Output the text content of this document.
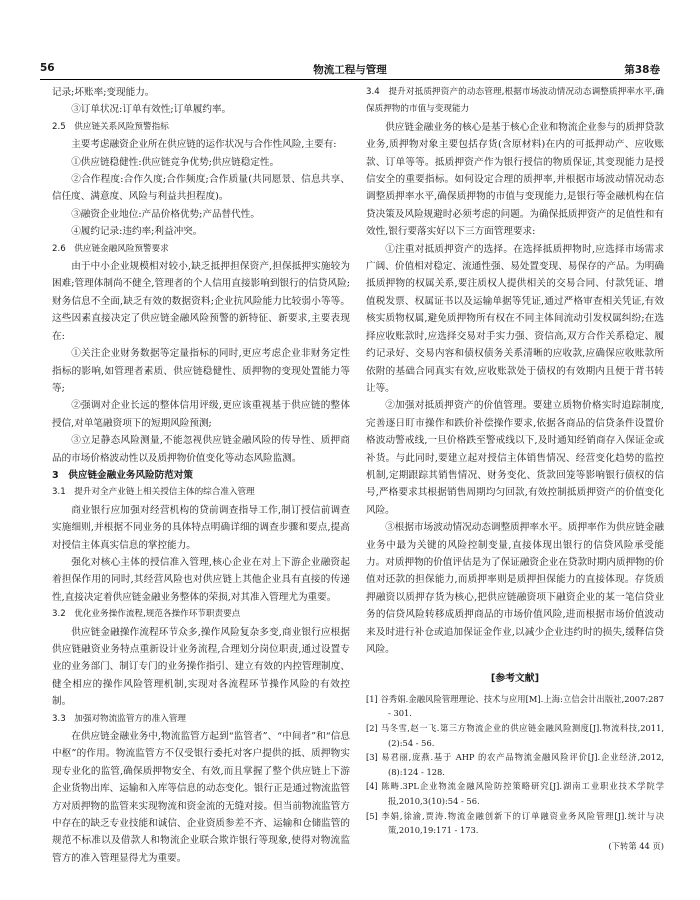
56	物流工程与管理	第38卷

记录;坏账率;变现能力。

③订单状况:订单有效性;订单履约率。

2.5　供应链关系风险预警指标

主要考虑融资企业所在供应链的运作状况与合作性风险,主要有:

①供应链稳健性:供应链竞争优势;供应链稳定性。

②合作程度:合作久度;合作频度;合作质量(共同愿景、信息共享、信任度、满意度、风险与利益共担程度)。

③融资企业地位:产品价格优势;产品替代性。

④履约记录:违约率;利益冲突。

2.6　供应链金融风险预警要求

由于中小企业规模相对较小,缺乏抵押担保资产,担保抵押实施较为困难;管理体制尚不健全,管理者的个人信用直接影响到银行的信贷风险;财务信息不全面,缺乏有效的数据资料;企业抗风险能力比较弱小等等。这些因素直接决定了供应链金融风险预警的新特征、新要求,主要表现在:

①关注企业财务数据等定量指标的同时,更应考虑企业非财务定性指标的影响,如管理者素质、供应链稳健性、质押物的变现处置能力等等;

②强调对企业长远的整体信用评级,更应该重视基于供应链的整体授信,对单笔融资项下的短期风险预测;

③立足静态风险测量,不能忽视供应链金融风险的传导性、质押商品的市场价格波动性以及质押物价值变化等动态风险监测。

3　供应链金融业务风险防范对策

3.1　提升对全产业链上相关授信主体的综合准入管理

商业银行应加强对经营机构的贷前调查指导工作,制订授信前调查实施细则,并根据不同业务的具体特点明确详细的调查步骤和要点,提高对授信主体真实信息的掌控能力。

强化对核心主体的授信准入管理,核心企业在对上下游企业融资起着担保作用的同时,其经营风险也对供应链上其他企业具有直接的传递性,直接决定着供应链金融业务整体的荣损,对其准入管理尤为重要。

3.2　优化业务操作流程,规范各操作环节职责要点

供应链金融操作流程环节众多,操作风险复杂多变,商业银行应根据供应链融资业务特点重新设计业务流程,合理划分岗位职责,通过设置专业的业务部门、制订专门的业务操作指引、建立有效的内控管理制度、健全相应的操作风险管理机制,实现对各流程环节操作风险的有效控制。

3.3　加强对物流监管方的准入管理

在供应链金融业务中,物流监管方起到“监管者”、“中间者”和“信息中枢”的作用。物流监管方不仅受银行委托对客户提供的抵、质押物实现专业化的监管,确保质押物安全、有效,而且掌握了整个供应链上下游企业货物出库、运输和入库等信息的动态变化。银行正是通过物流监管方对质押物的监管来实现物流和资金流的无缝对接。但当前物流监管方中存在的缺乏专业技能和诚信、企业资质参差不齐、运输和仓储监管的规范不标准以及借款人和物流企业联合欺诈银行等现象,使得对物流监管方的准入管理显得尤为重要。

3.4　提升对抵质押资产的动态管理,根据市场波动情况动态调整质押率水平,确保质押物的市值与变现能力

供应链金融业务的核心是基于核心企业和物流企业参与的质押贷款业务,质押物对象主要包括存货(含原材料)在内的可抵押动产、应收账款、订单等等。抵质押资产作为银行授信的物质保证,其变现能力是授信安全的重要指标。如何设定合理的质押率,并根据市场波动情况动态调整质押率水平,确保质押物的市值与变现能力,是银行等金融机构在信贷决策及风险规避时必须考虑的问题。为确保抵质押资产的足值性和有效性,银行要落实好以下三方面管理要求:

①注重对抵质押资产的选择。在选择抵质押物时,应选择市场需求广阔、价值相对稳定、流通性强、易处置变现、易保存的产品。为明确抵质押物的权属关系,要注质权人提供相关的交易合同、付款凭证、增值税发票、权属证书以及运输单据等凭证,通过严格审查相关凭证,有效核实质物权属,避免质押物所有权在不同主体间流动引发权属纠纷;在选择应收账款时,应选择交易对手实力强、资信高,双方合作关系稳定、履约记录好、交易内容和债权债务关系清晰的应收款,应确保应收账款所依附的基础合同真实有效,应收账款处于债权的有效期内且便于背书转让等。

②加强对抵质押资产的价值管理。要建立质物价格实时追踪制度,完善逐日盯市操作和跌价补偿操作要求,依据各商品的信贷条件设置价格波动警戒线,一旦价格跌至警戒线以下,及时通知经销商存入保证金或补货。与此同时,要建立起对授信主体销售情况、经营变化趋势的监控机制,定期跟踪其销售情况、财务变化、货款回笼等影响银行债权的信号,严格要求其根据销售周期均匀回款,有效控制抵质押资产的价值变化风险。

③根据市场波动情况动态调整质押率水平。质押率作为供应链金融业务中最为关键的风险控制变量,直接体现出银行的信贷风险承受能力。对质押物的价值评估是为了保证融资企业在贷款时期内质押物的价值对还款的担保能力,而质押率则是质押担保能力的直接体现。存货质押融资以质押存货为核心,把供应链融资项下融资企业的某一笔信贷业务的信贷风险转移成质押商品的市场价值风险,进而根据市场价值波动来及时进行补仓或追加保证金作业,以减少企业违约时的损失,缓释信贷风险。

[参考文献]

[1] 谷秀娟.金融风险管理理论、技术与应用[M].上海:立信会计出版社,2007:287 - 301.

[2] 马冬雪,赵一飞.第三方物流企业的供应链金融风险测度[J].物流科技,2011,(2):54 - 56.

[3] 易君丽,庞燕.基于 AHP 的农产品物流金融风险评价[J].企业经济,2012,(8):124 - 128.

[4] 陈畴.3PL企业物流金融风险防控策略研究[J].湖南工业职业技术学院学报,2010,3(10):54 - 56.

[5] 李娟,徐渝,贾涛.物流金融创新下的订单融资业务风险管理[J].统计与决策,2010,19:171 - 173.

(下转第 44 页)
